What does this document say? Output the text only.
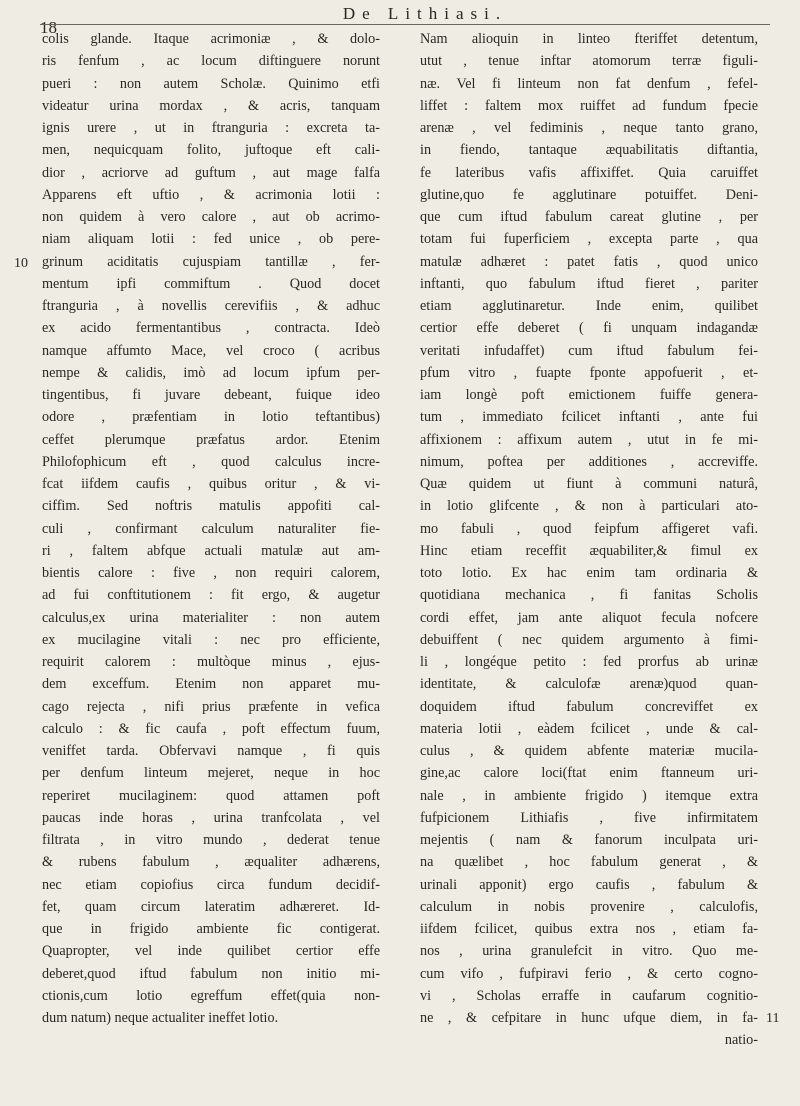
18
De Lithiasi.
10
11
colis glande. Itaque acrimoniæ , & dolo-
ris fenfum , ac locum diftinguere norunt
pueri : non autem Scholæ. Quinimo etfi
videatur urina mordax , & acris, tanquam
ignis urere , ut in ftranguria : excreta ta-
men, nequicquam folito, juftoque eft cali-
dior , acriorve ad guftum , aut mage falfa
Apparens eft uftio , & acrimonia lotii :
non quidem à vero calore , aut ob acrimo-
niam aliquam lotii : fed unice , ob pere-
grinum aciditatis cujuspiam tantillæ , fer-
mentum ipfi commiftum . Quod docet
ftranguria , à novellis cerevifiis , & adhuc
ex acido fermentantibus , contracta. Ideò
namque affumto Mace, vel croco ( acribus
nempe & calidis, imò ad locum ipfum per-
tingentibus, fi juvare debeant, fuique ideo
odore , præfentiam in lotio teftantibus)
ceffet plerumque præfatus ardor. Etenim
Philofophicum eft , quod calculus incre-
fcat iifdem caufis , quibus oritur , & vi-
ciffim. Sed noftris matulis appofiti cal-
culi , confirmant calculum naturaliter fie-
ri , faltem abfque actuali matulæ aut am-
bientis calore : five , non requiri calorem,
ad fui conftitutionem : fit ergo, & augetur
calculus,ex urina materialiter : non autem
ex mucilagine vitali : nec pro efficiente,
requirit calorem : multòque minus , ejus-
dem exceffum. Etenim non apparet mu-
cago rejecta , nifi prius præfente in vefica
calculo : & fic caufa , poft effectum fuum,
veniffet tarda. Obfervavi namque , fi quis
per denfum linteum mejeret, neque in hoc
reperiret mucilaginem: quod attamen poft
paucas inde horas , urina tranfcolata , vel
filtrata , in vitro mundo , dederat tenue
& rubens fabulum , æqualiter adhærens,
nec etiam copiofius circa fundum decidif-
fet, quam circum lateratim adhæreret. Id-
que in frigido ambiente fic contigerat.
Quapropter, vel inde quilibet certior effe
deberet,quod iftud fabulum non initio mi-
ctionis,cum lotio egreffum effet(quia non-
dum natum) neque actualiter ineffet lotio.
Nam alioquin in linteo fteriffet detentum,
utut , tenue inftar atomorum terræ figuli-
næ. Vel fi linteum non fat denfum , fefel-
liffet : faltem mox ruiffet ad fundum fpecie
arenæ , vel fediminis , neque tanto grano,
in fiendo, tantaque æquabilitatis diftantia,
fe lateribus vafis affixiffet. Quia caruiffet
glutine,quo fe agglutinare potuiffet. Deni-
que cum iftud fabulum careat glutine , per
totam fui fuperficiem , excepta parte , qua
matulæ adhæret : patet fatis , quod unico
inftanti, quo fabulum iftud fieret , pariter
etiam agglutinaretur. Inde enim, quilibet
certior effe deberet ( fi unquam indagandæ
veritati infudaffet) cum iftud fabulum fei-
pfum vitro , fuapte fponte appofuerit , et-
iam longè poft emictionem fuiffe genera-
tum , immediato fcilicet inftanti , ante fui
affixionem : affixum autem , utut in fe mi-
nimum, poftea per additiones , accreviffe.
Quæ quidem ut fiunt à communi naturâ,
in lotio glifcente , & non à particulari ato-
mo fabuli , quod feipfum affigeret vafi.
Hinc etiam receffit æquabiliter,& fimul ex
toto lotio. Ex hac enim tam ordinaria &
quotidiana mechanica , fi fanitas Scholis
cordi effet, jam ante aliquot fecula nofcere
debuiffent ( nec quidem argumento à fimi-
li , longéque petito : fed prorfus ab urinæ
identitate, & calculofæ arenæ)quod quan-
doquidem iftud fabulum concreviffet ex
materia lotii , eàdem fcilicet , unde & cal-
culus , & quidem abfente materiæ mucila-
gine,ac calore loci(ftat enim ftanneum uri-
nale , in ambiente frigido ) itemque extra
fufpicionem Lithiafis , five infirmitatem
mejentis ( nam & fanorum inculpata uri-
na quælibet , hoc fabulum generat , &
urinali apponit) ergo caufis , fabulum &
calculum in nobis provenire , calculofis,
iifdem fcilicet, quibus extra nos , etiam fa-
nos , urina granulefcit in vitro. Quo me-
cum vifo , fufpiravi ferio , & certo cogno-
vi , Scholas erraffe in caufarum cognitio-
ne , & cefpitare in hunc ufque diem, in fa-
natio-
